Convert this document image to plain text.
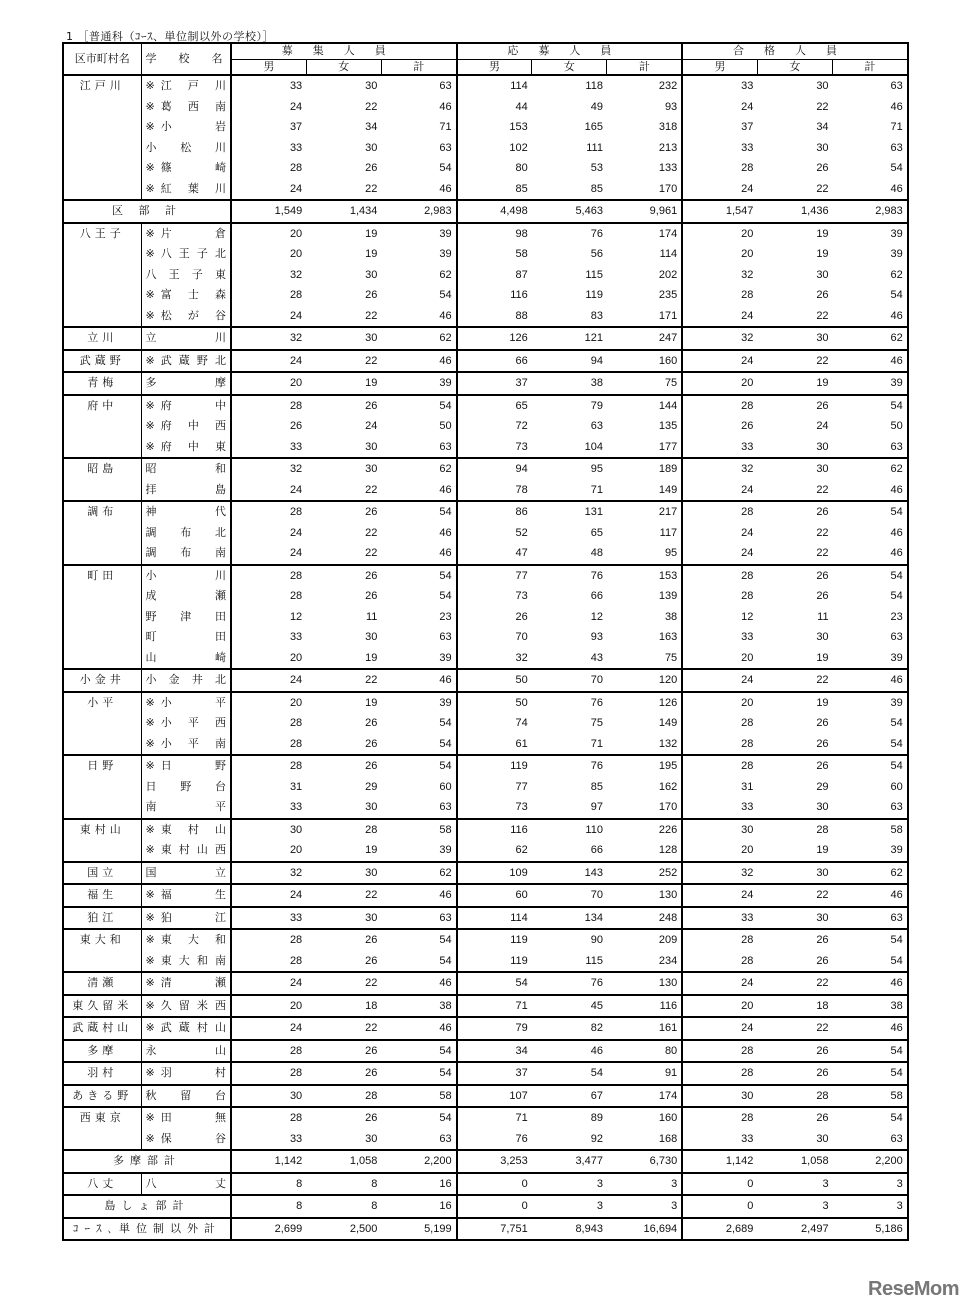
1 ［普通科（ｺｰｽ、単位制以外の学校）］
区市町村名	学　　校　　名	募集人員			応募人員			合格人員		
		男	女	計	男	女	計	男	女	計
江戸川	※ 江戸川	33	30	63	114	118	232	33	30	63

	※ 葛西南	24	22	46	44	49	93	24	22	46

	※ 小　岩	37	34	71	153	165	318	37	34	71

	小松川	33	30	63	102	111	213	33	30	63

	※ 篠　崎	28	26	54	80	53	133	28	26	54

	※ 紅葉川	24	22	46	85	85	170	24	22	46
区 部 計		1,549	1,434	2,983	4,498	5,463	9,961	1,547	1,436	2,983
八王子	※ 片　倉	20	19	39	98	76	174	20	19	39

	※ 八王子北	20	19	39	58	56	114	20	19	39

	八王子東	32	30	62	87	115	202	32	30	62

	※ 富士森	28	26	54	116	119	235	28	26	54

	※ 松が谷	24	22	46	88	83	171	24	22	46
立川	立　川	32	30	62	126	121	247	32	30	62
武蔵野	※ 武蔵野北	24	22	46	66	94	160	24	22	46
青梅	多　摩	20	19	39	37	38	75	20	19	39
府中	※ 府　中	28	26	54	65	79	144	28	26	54

	※ 府中西	26	24	50	72	63	135	26	24	50

	※ 府中東	33	30	63	73	104	177	33	30	63
昭島	昭　和	32	30	62	94	95	189	32	30	62

	拝　島	24	22	46	78	71	149	24	22	46
調布	神　代	28	26	54	86	131	217	28	26	54

	調布北	24	22	46	52	65	117	24	22	46

	調布南	24	22	46	47	48	95	24	22	46
町田	小　川	28	26	54	77	76	153	28	26	54

	成　瀬	28	26	54	73	66	139	28	26	54

	野津田	12	11	23	26	12	38	12	11	23

	町　田	33	30	63	70	93	163	33	30	63

	山　崎	20	19	39	32	43	75	20	19	39
小金井	小金井北	24	22	46	50	70	120	24	22	46
小平	※ 小　平	20	19	39	50	76	126	20	19	39

	※ 小平西	28	26	54	74	75	149	28	26	54

	※ 小平南	28	26	54	61	71	132	28	26	54
日野	※ 日　野	28	26	54	119	76	195	28	26	54

	日野台	31	29	60	77	85	162	31	29	60

	南　平	33	30	63	73	97	170	33	30	63
東村山	※ 東村山	30	28	58	116	110	226	30	28	58

	※ 東村山西	20	19	39	62	66	128	20	19	39
国立	国　立	32	30	62	109	143	252	32	30	62
福生	※ 福　生	24	22	46	60	70	130	24	22	46
狛江	※ 狛　江	33	30	63	114	134	248	33	30	63
東大和	※ 東大和	28	26	54	119	90	209	28	26	54

	※ 東大和南	28	26	54	119	115	234	28	26	54
清瀬	※ 清　瀬	24	22	46	54	76	130	24	22	46
東久留米	※ 久留米西	20	18	38	71	45	116	20	18	38
武蔵村山	※ 武蔵村山	24	22	46	79	82	161	24	22	46
多摩	永　山	28	26	54	34	46	80	28	26	54
羽村	※ 羽　村	28	26	54	37	54	91	28	26	54
あきる野	秋留台	30	28	58	107	67	174	30	28	58
西東京	※ 田　無	28	26	54	71	89	160	28	26	54

	※ 保　谷	33	30	63	76	92	168	33	30	63
多摩部計		1,142	1,058	2,200	3,253	3,477	6,730	1,142	1,058	2,200
八丈	八　丈	8	8	16	0	3	3	0	3	3
島しょ部計		8	8	16	0	3	3	0	3	3
ｺｰｽ､単位制以外計		2,699	2,500	5,199	7,751	8,943	16,694	2,689	2,497	5,186
ReseMom
